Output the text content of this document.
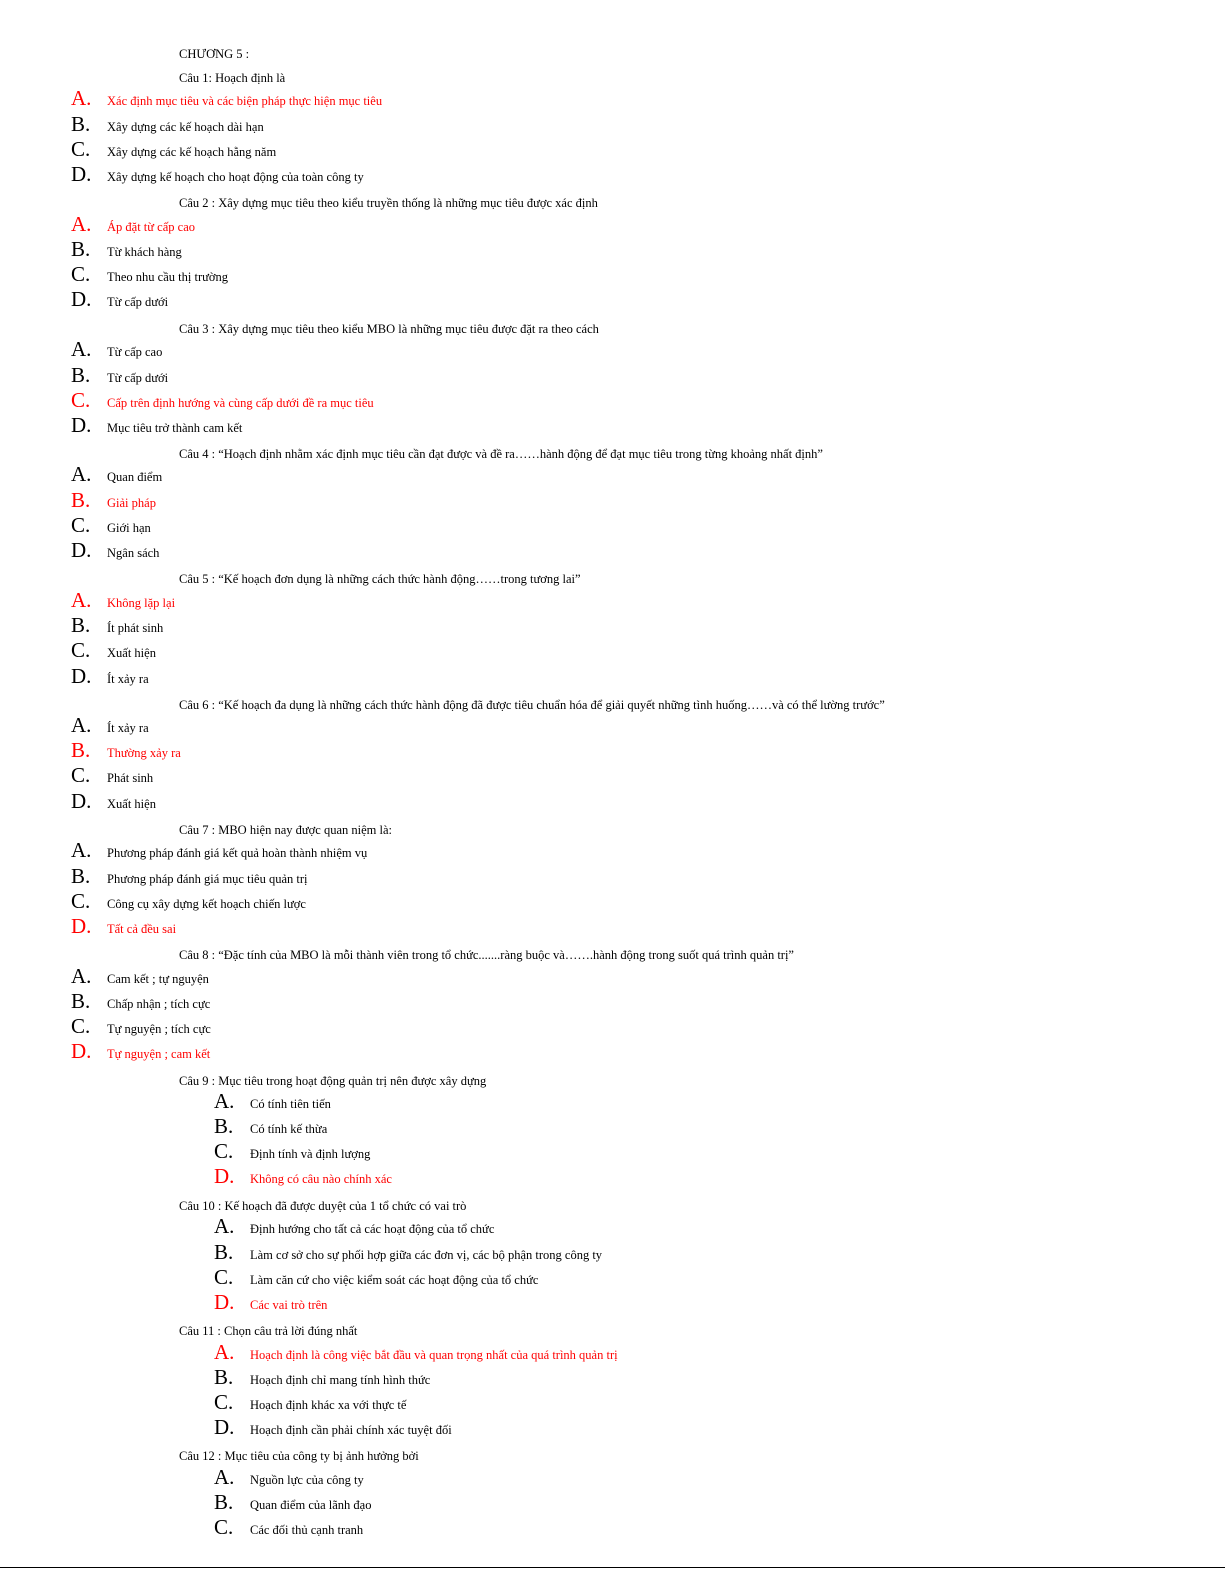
CHƯƠNG 5 :
Câu 1: Hoạch định là
A. Xác định mục tiêu và các biện pháp thực hiện mục tiêu
B. Xây dựng các kế hoạch dài hạn
C. Xây dựng các kế hoạch hằng năm
D. Xây dựng kế hoạch cho hoạt động của toàn công ty
Câu 2 : Xây dựng mục tiêu theo kiểu truyền thống là những mục tiêu được xác định
A. Áp đặt từ cấp cao
B. Từ khách hàng
C. Theo nhu cầu thị trường
D. Từ cấp dưới
Câu 3 : Xây dựng mục tiêu theo kiểu MBO là những mục tiêu được đặt ra theo cách
A. Từ cấp cao
B. Từ cấp dưới
C. Cấp trên định hướng và cùng cấp dưới đề ra mục tiêu
D. Mục tiêu trở thành cam kết
Câu 4 : “Hoạch định nhằm xác định mục tiêu cần đạt được và đề ra……hành động để đạt mục tiêu trong từng khoảng nhất định”
A. Quan điểm
B. Giải pháp
C. Giới hạn
D. Ngân sách
Câu 5 : “Kế hoạch đơn dụng là những cách thức hành động……trong tương lai”
A. Không lặp lại
B. Ít phát sinh
C. Xuất hiện
D. Ít xảy ra
Câu 6 : “Kế hoạch đa dụng là những cách thức hành động đã được tiêu chuẩn hóa để giải quyết những tình huống……và có thể lường trước”
A. Ít xảy ra
B. Thường xảy ra
C. Phát sinh
D. Xuất hiện
Câu 7 : MBO hiện nay được quan niệm là:
A. Phương pháp đánh giá kết quả hoàn thành nhiệm vụ
B. Phương pháp đánh giá mục tiêu quản trị
C. Công cụ xây dựng kết hoạch chiến lược
D. Tất cả đều sai
Câu 8 : “Đặc tính của MBO là mỗi thành viên trong tổ chức.......ràng buộc và…….hành động trong suốt quá trình quản trị”
A. Cam kết ; tự nguyện
B. Chấp nhận ; tích cực
C. Tự nguyện ; tích cực
D. Tự nguyện ; cam kết
Câu 9 : Mục tiêu trong hoạt động quản trị nên được xây dựng
A. Có tính tiên tiến
B. Có tính kế thừa
C. Định tính và định lượng
D. Không có câu nào chính xác
Câu 10 : Kế hoạch đã được duyệt của 1 tổ chức có vai trò
A. Định hướng cho tất cả các hoạt động của tổ chức
B. Làm cơ sở cho sự phối hợp giữa các đơn vị, các bộ phận trong công ty
C. Làm căn cứ cho việc kiểm soát các hoạt động của tổ chức
D. Các vai trò trên
Câu 11 : Chọn câu trả lời đúng nhất
A. Hoạch định là công việc bắt đầu và quan trọng nhất của quá trình quản trị
B. Hoạch định chỉ mang tính hình thức
C. Hoạch định khác xa với thực tế
D. Hoạch định cần phải chính xác tuyệt đối
Câu 12 : Mục tiêu của công ty bị ảnh hưởng bởi
A. Nguồn lực của công ty
B. Quan điểm của lãnh đạo
C. Các đối thủ cạnh tranh
